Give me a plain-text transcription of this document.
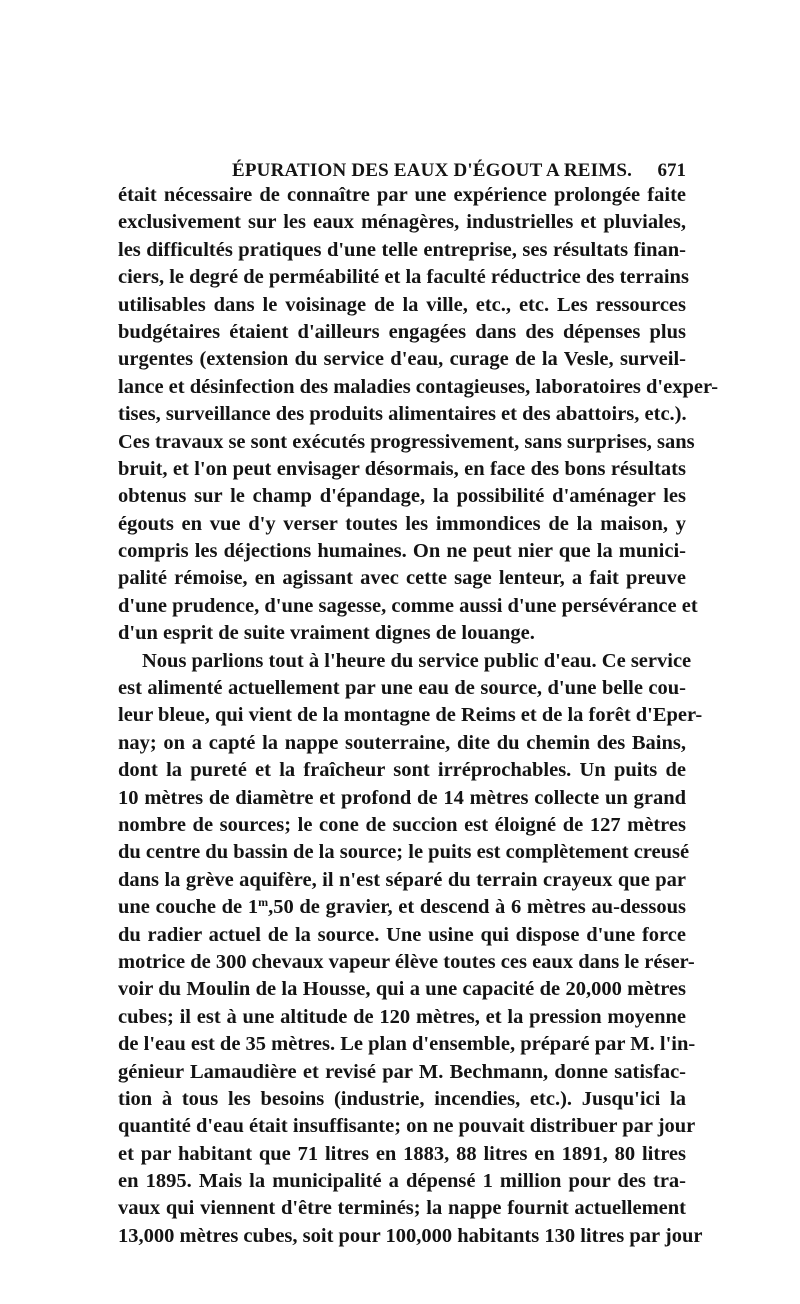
ÉPURATION DES EAUX D'ÉGOUT A REIMS. 671
était nécessaire de connaître par une expérience prolongée faite
exclusivement sur les eaux ménagères, industrielles et pluviales,
les difficultés pratiques d'une telle entreprise, ses résultats finan-
ciers, le degré de perméabilité et la faculté réductrice des terrains
utilisables dans le voisinage de la ville, etc., etc. Les ressources
budgétaires étaient d'ailleurs engagées dans des dépenses plus
urgentes (extension du service d'eau, curage de la Vesle, surveil-
lance et désinfection des maladies contagieuses, laboratoires d'exper-
tises, surveillance des produits alimentaires et des abattoirs, etc.).
Ces travaux se sont exécutés progressivement, sans surprises, sans
bruit, et l'on peut envisager désormais, en face des bons résultats
obtenus sur le champ d'épandage, la possibilité d'aménager les
égouts en vue d'y verser toutes les immondices de la maison, y
compris les déjections humaines. On ne peut nier que la munici-
palité rémoise, en agissant avec cette sage lenteur, a fait preuve
d'une prudence, d'une sagesse, comme aussi d'une persévérance et
d'un esprit de suite vraiment dignes de louange.
Nous parlions tout à l'heure du service public d'eau. Ce service
est alimenté actuellement par une eau de source, d'une belle cou-
leur bleue, qui vient de la montagne de Reims et de la forêt d'Eper-
nay; on a capté la nappe souterraine, dite du chemin des Bains,
dont la pureté et la fraîcheur sont irréprochables. Un puits de
10 mètres de diamètre et profond de 14 mètres collecte un grand
nombre de sources; le cone de succion est éloigné de 127 mètres
du centre du bassin de la source; le puits est complètement creusé
dans la grève aquifère, il n'est séparé du terrain crayeux que par
une couche de 1$^m$,50 de gravier, et descend à 6 mètres au-dessous
du radier actuel de la source. Une usine qui dispose d'une force
motrice de 300 chevaux vapeur élève toutes ces eaux dans le réser-
voir du Moulin de la Housse, qui a une capacité de 20,000 mètres
cubes; il est à une altitude de 120 mètres, et la pression moyenne
de l'eau est de 35 mètres. Le plan d'ensemble, préparé par M. l'in-
génieur Lamaudière et revisé par M. Bechmann, donne satisfac-
tion à tous les besoins (industrie, incendies, etc.). Jusqu'ici la
quantité d'eau était insuffisante; on ne pouvait distribuer par jour
et par habitant que 71 litres en 1883, 88 litres en 1891, 80 litres
en 1895. Mais la municipalité a dépensé 1 million pour des tra-
vaux qui viennent d'être terminés; la nappe fournit actuellement
13,000 mètres cubes, soit pour 100,000 habitants 130 litres par jour
